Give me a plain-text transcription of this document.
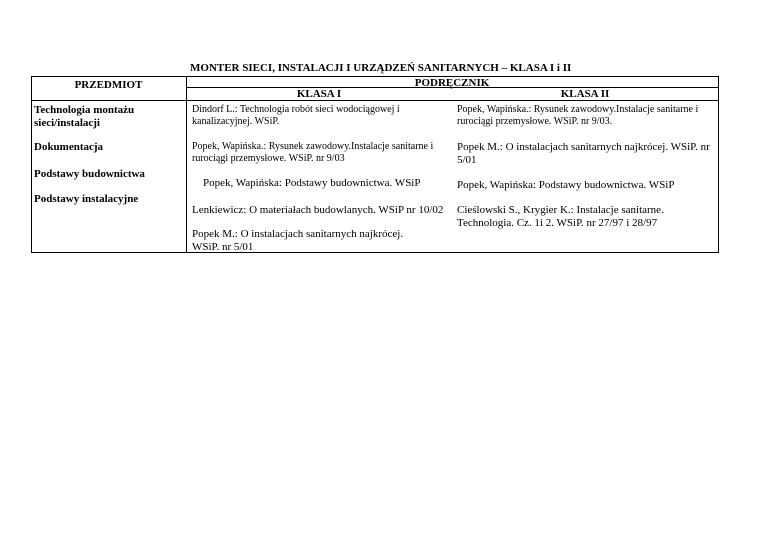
MONTER SIECI, INSTALACJI I URZĄDZEŃ SANITARNYCH – KLASA I i II
PRZEDMIOT	PODRĘCZNIK
KLASA I	KLASA II
Technologia montażu sieci/instalacji
Dokumentacja
Podstawy budownictwa
Podstawy instalacyjne
Dindorf L.: Technologia robót sieci wodociągowej i kanalizacyjnej. WSiP.
Popek, Wapińska.: Rysunek zawodowy.Instalacje sanitarne i rurociągi przemysłowe. WSiP. nr 9/03
Popek, Wapińska: Podstawy budownictwa. WSiP
Lenkiewicz: O materiałach budowlanych. WSiP nr 10/02
Popek M.: O instalacjach sanitarnych najkrócej. WSiP. nr 5/01
Popek, Wapińska.: Rysunek zawodowy.Instalacje sanitarne i rurociągi przemysłowe. WSiP. nr 9/03.
Popek M.: O instalacjach sanitarnych najkrócej. WSiP. nr 5/01
Popek, Wapińska: Podstawy budownictwa. WSiP
Cieślowski S., Krygier K.: Instalacje sanitarne. Technologia. Cz. 1i 2. WSiP. nr 27/97 i 28/97
